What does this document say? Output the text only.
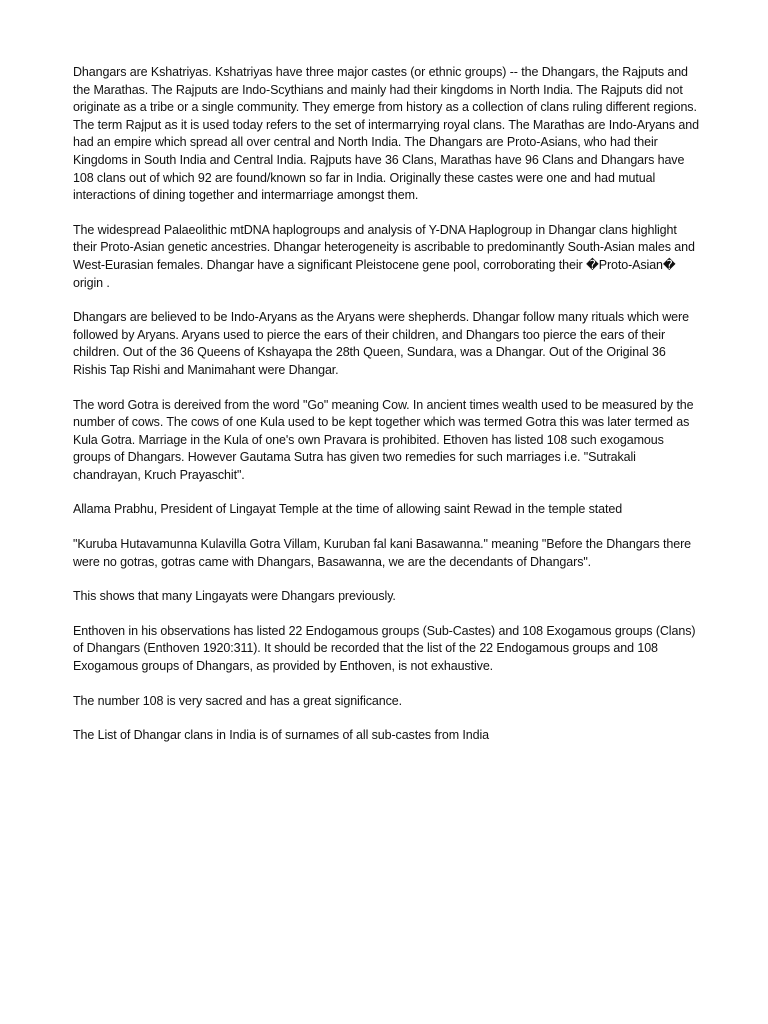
Dhangars are Kshatriyas. Kshatriyas have three major castes (or ethnic groups) -- the Dhangars, the Rajputs and the Marathas. The Rajputs are Indo-Scythians and mainly had their kingdoms in North India. The Rajputs did not originate as a tribe or a single community. They emerge from history as a collection of clans ruling different regions. The term Rajput as it is used today refers to the set of intermarrying royal clans. The Marathas are Indo-Aryans and had an empire which spread all over central and North India. The Dhangars are Proto-Asians, who had their Kingdoms in South India and Central India. Rajputs have 36 Clans, Marathas have 96 Clans and Dhangars have 108 clans out of which 92 are found/known so far in India. Originally these castes were one and had mutual interactions of dining together and intermarriage amongst them.

The widespread Palaeolithic mtDNA haplogroups and analysis of Y-DNA Haplogroup in Dhangar clans highlight their Proto-Asian genetic ancestries. Dhangar heterogeneity is ascribable to predominantly South-Asian males and West-Eurasian females. Dhangar have a significant Pleistocene gene pool, corroborating their �Proto-Asian� origin .

Dhangars are believed to be Indo-Aryans as the Aryans were shepherds. Dhangar follow many rituals which were followed by Aryans. Aryans used to pierce the ears of their children, and Dhangars too pierce the ears of their children. Out of the 36 Queens of Kshayapa the 28th Queen, Sundara, was a Dhangar. Out of the Original 36 Rishis Tap Rishi and Manimahant were Dhangar.

The word Gotra is dereived from the word "Go" meaning Cow. In ancient times wealth used to be measured by the number of cows. The cows of one Kula used to be kept together which was termed Gotra this was later termed as Kula Gotra. Marriage in the Kula of one's own Pravara is prohibited. Ethoven has listed 108 such exogamous groups of Dhangars. However Gautama Sutra has given two remedies for such marriages i.e. "Sutrakali chandrayan, Kruch Prayaschit".

Allama Prabhu, President of Lingayat Temple at the time of allowing saint Rewad in the temple stated

"Kuruba Hutavamunna Kulavilla Gotra Villam, Kuruban fal kani Basawanna." meaning "Before the Dhangars there were no gotras, gotras came with Dhangars, Basawanna, we are the decendants of Dhangars".

This shows that many Lingayats were Dhangars previously.

Enthoven in his observations has listed 22 Endogamous groups (Sub-Castes) and 108 Exogamous groups (Clans) of Dhangars (Enthoven 1920:311). It should be recorded that the list of the 22 Endogamous groups and 108 Exogamous groups of Dhangars, as provided by Enthoven, is not exhaustive.

The number 108 is very sacred and has a great significance.

The List of Dhangar clans in India is of surnames of all sub-castes from India
